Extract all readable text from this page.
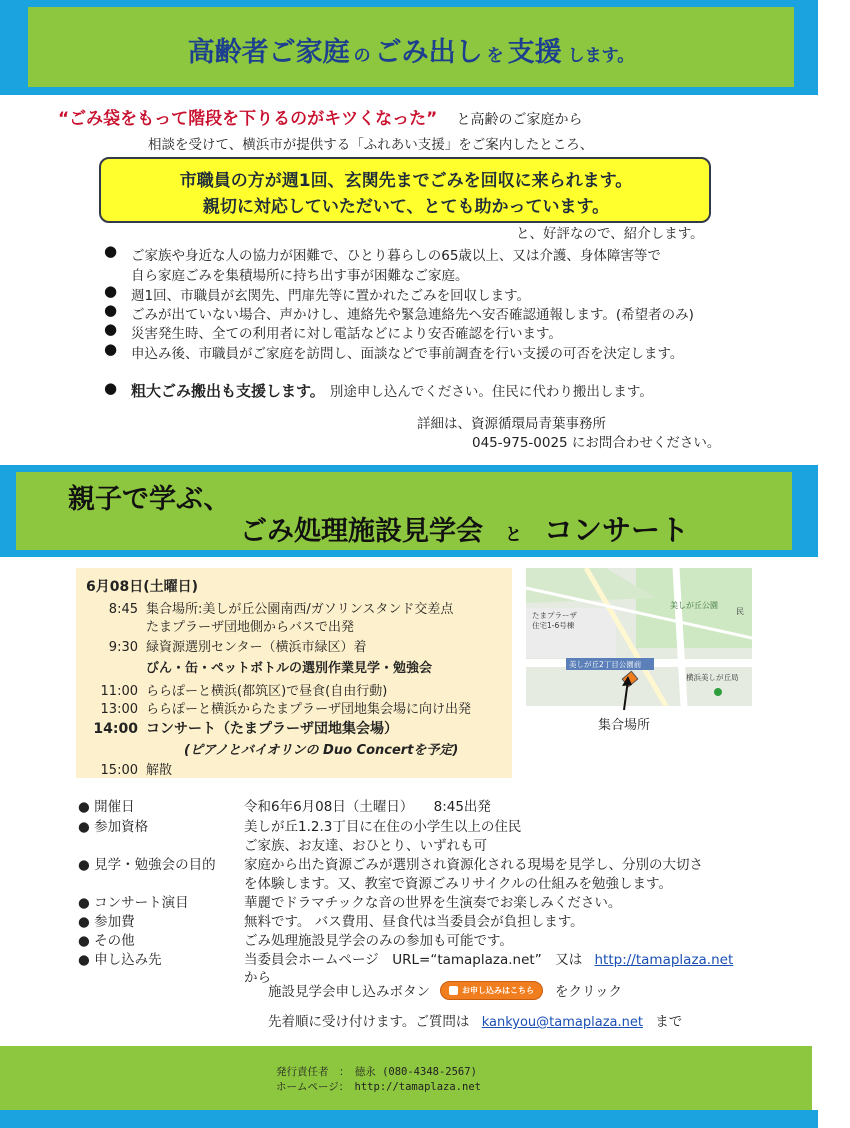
高齢者ご家庭 の ごみ出し を 支援 します。
“ごみ袋をもって階段を下りるのがキツくなった” と高齢のご家庭から
相談を受けて、横浜市が提供する「ふれあい支援」をご案内したところ、
市職員の方が週1回、玄関先までごみを回収に来られます。
親切に対応していただいて、とても助かっています。
と、好評なので、紹介します。
● ご家族や身近な人の協力が困難で、ひとり暮らしの65歳以上、又は介護、身体障害等で
自ら家庭ごみを集積場所に持ち出す事が困難なご家庭。
● 週1回、市職員が玄関先、門扉先等に置かれたごみを回収します。
● ごみが出ていない場合、声かけし、連絡先や緊急連絡先へ安否確認通報します。(希望者のみ)
● 災害発生時、全ての利用者に対し電話などにより安否確認を行います。
● 申込み後、市職員がご家庭を訪問し、面談などで事前調査を行い支援の可否を決定します。
● 粗大ごみ搬出も支援します。 別途申し込んでください。住民に代わり搬出します。
詳細は、資源循環局青葉事務所
045-975-0025 にお問合わせください。
親子で学ぶ、
ごみ処理施設見学会 と コンサート
6月08日(土曜日)
8:45 集合場所:美しが丘公園南西/ガソリンスタンド交差点
たまプラーザ団地側からバスで出発
9:30 緑資源選別センター（横浜市緑区）着
びん・缶・ペットボトルの選別作業見学・勉強会
11:00 ららぽーと横浜(都筑区)で昼食(自由行動)
13:00 ららぽーと横浜からたまプラーザ団地集会場に向け出発
14:00 コンサート（たまプラーザ団地集会場）
(ピアノとバイオリンの Duo Concertを予定)
15:00 解散
美しが丘2丁目公園前
たまプラーザ
住宅1-6号棟
美しが丘公園
横浜美しが丘局
民
集合場所
● 開催日	令和6年6月08日（土曜日）　　8:45出発
● 参加資格	美しが丘1.2.3丁目に在住の小学生以上の住民
ご家族、お友達、おひとり、いずれも可
● 見学・勉強会の目的 家庭から出た資源ごみが選別され資源化される現場を見学し、分別の大切さ
を体験します。又、教室で資源ごみリサイクルの仕組みを勉強します。
● コンサート演目	華麗でドラマチックな音の世界を生演奏でお楽しみください。
● 参加費	無料です。 バス費用、昼食代は当委員会が負担します。
● その他	ごみ処理施設見学会のみの参加も可能です。
● 申し込み先	当委員会ホームページ　URL=“tamaplaza.net”　又は http://tamaplaza.net
から
施設見学会申し込みボタン	お申し込みはこちら をクリック
先着順に受け付けます。ご質問は kankyou@tamaplaza.net まで
発行責任者　：　徳永 (080-4348-2567)
ホームページ：　http://tamaplaza.net
